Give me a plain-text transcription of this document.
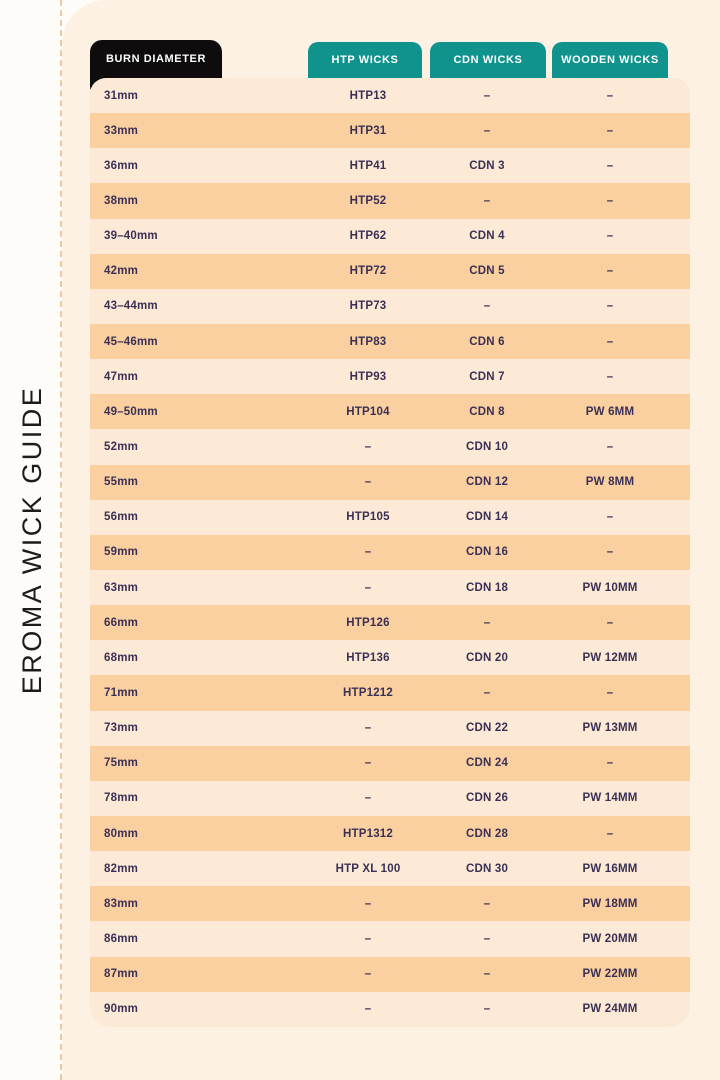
EROMA WICK GUIDE
BURN DIAMETER	HTP WICKS	CDN WICKS	WOODEN WICKS
31mm	HTP13	–	–
33mm	HTP31	–	–
36mm	HTP41	CDN 3	–
38mm	HTP52	–	–
39–40mm	HTP62	CDN 4	–
42mm	HTP72	CDN 5	–
43–44mm	HTP73	–	–
45–46mm	HTP83	CDN 6	–
47mm	HTP93	CDN 7	–
49–50mm	HTP104	CDN 8	PW 6MM
52mm	–	CDN 10	–
55mm	–	CDN 12	PW 8MM
56mm	HTP105	CDN 14	–
59mm	–	CDN 16	–
63mm	–	CDN 18	PW 10MM
66mm	HTP126	–	–
68mm	HTP136	CDN 20	PW 12MM
71mm	HTP1212	–	–
73mm	–	CDN 22	PW 13MM
75mm	–	CDN 24	–
78mm	–	CDN 26	PW 14MM
80mm	HTP1312	CDN 28	–
82mm	HTP XL 100	CDN 30	PW 16MM
83mm	–	–	PW 18MM
86mm	–	–	PW 20MM
87mm	–	–	PW 22MM
90mm	–	–	PW 24MM
